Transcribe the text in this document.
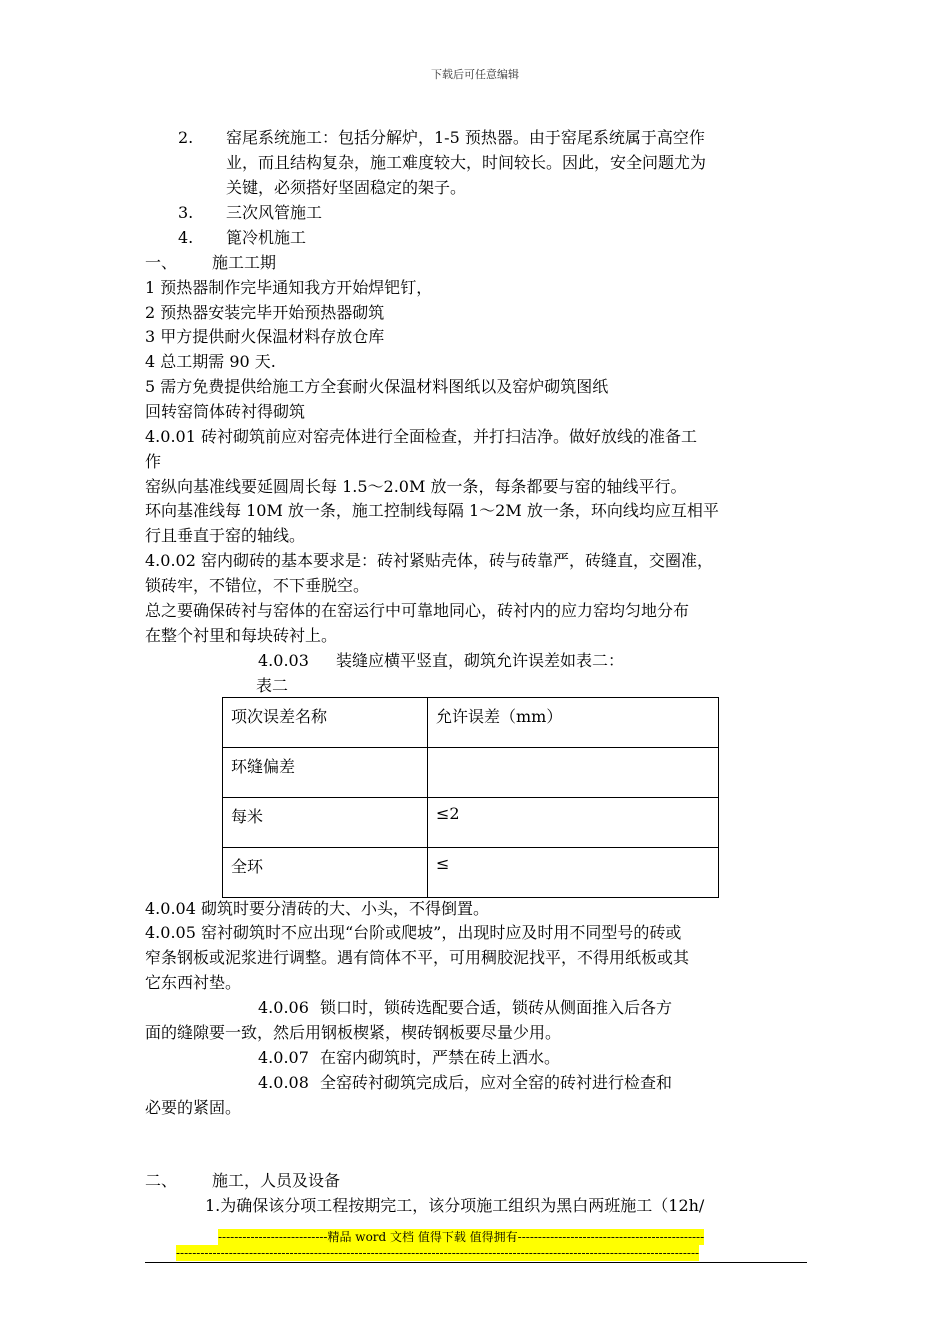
下载后可任意编辑
2.	窑尾系统施工：包括分解炉，1-5 预热器。由于窑尾系统属于高空作
业，而且结构复杂，施工难度较大，时间较长。因此，安全问题尤为
关键，必须搭好坚固稳定的架子。
3. 三次风管施工
4. 篦冷机施工
一、 施工工期
1 预热器制作完毕通知我方开始焊钯钉，
2 预热器安装完毕开始预热器砌筑
3 甲方提供耐火保温材料存放仓库
4 总工期需 90 天.
5 需方免费提供给施工方全套耐火保温材料图纸以及窑炉砌筑图纸
回转窑筒体砖衬得砌筑
4.0.01 砖衬砌筑前应对窑壳体进行全面检查，并打扫洁净。做好放线的准备工
作
窑纵向基准线要延圆周长每 1.5～2.0M 放一条，每条都要与窑的轴线平行。
环向基准线每 10M 放一条，施工控制线每隔 1～2M 放一条，环向线均应互相平
行且垂直于窑的轴线。
4.0.02 窑内砌砖的基本要求是：砖衬紧贴壳体，砖与砖靠严，砖缝直，交圈准，
锁砖牢，不错位，不下垂脱空。
总之要确保砖衬与窑体的在窑运行中可靠地同心，砖衬内的应力窑均匀地分布
在整个衬里和每块砖衬上。
4.0.03 装缝应横平竖直，砌筑允许误差如表二：
表二
项次误差名称	允许误差（mm）
环缝偏差	
每米	≤2
全环	≤
4.0.04 砌筑时要分清砖的大、小头，不得倒置。
4.0.05 窑衬砌筑时不应出现“台阶或爬坡”，出现时应及时用不同型号的砖或
窄条钢板或泥浆进行调整。遇有筒体不平，可用稠胶泥找平，不得用纸板或其
它东西衬垫。
4.0.06 锁口时，锁砖选配要合适，锁砖从侧面推入后各方
面的缝隙要一致，然后用钢板楔紧，楔砖钢板要尽量少用。
4.0.07 在窑内砌筑时，严禁在砖上洒水。
4.0.08 全窑砖衬砌筑完成后，应对全窑的砖衬进行检查和
必要的紧固。
二、 施工，人员及设备
1.为确保该分项工程按期完工，该分项施工组织为黑白两班施工（12h/
---------------------------精品 word 文档 值得下载 值得拥有----------------------------------------------
---------------------------------------------------------------------------------------------------------------------------------
